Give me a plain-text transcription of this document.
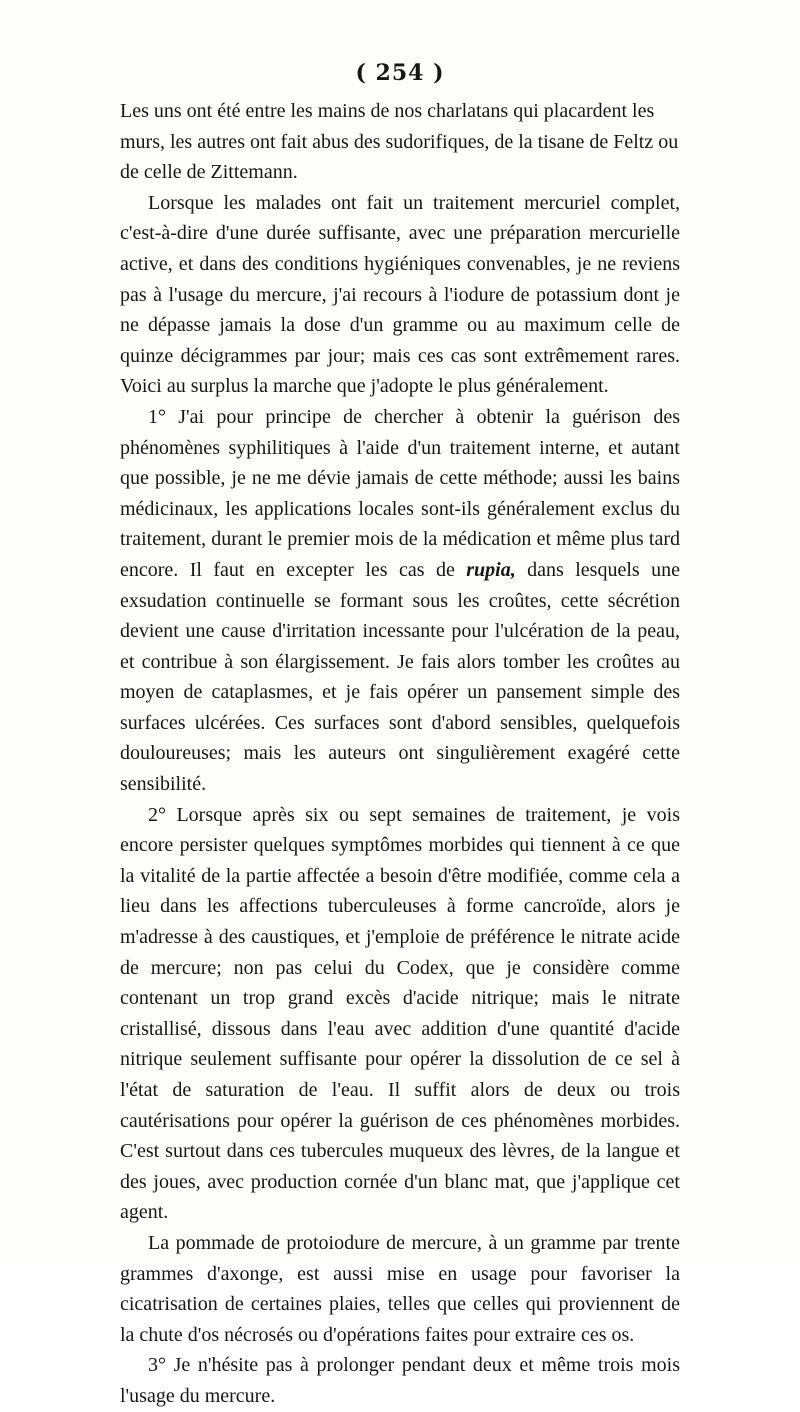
( 254 )

Les uns ont été entre les mains de nos charlatans qui placardent les murs, les autres ont fait abus des sudorifiques, de la tisane de Feltz ou de celle de Zittemann.

Lorsque les malades ont fait un traitement mercuriel complet, c'est-à-dire d'une durée suffisante, avec une préparation mercurielle active, et dans des conditions hygiéniques convenables, je ne reviens pas à l'usage du mercure, j'ai recours à l'iodure de potassium dont je ne dépasse jamais la dose d'un gramme ou au maximum celle de quinze décigrammes par jour; mais ces cas sont extrêmement rares. Voici au surplus la marche que j'adopte le plus généralement.

1° J'ai pour principe de chercher à obtenir la guérison des phénomènes syphilitiques à l'aide d'un traitement interne, et autant que possible, je ne me dévie jamais de cette méthode; aussi les bains médicinaux, les applications locales sont-ils généralement exclus du traitement, durant le premier mois de la médication et même plus tard encore. Il faut en excepter les cas de rupia, dans lesquels une exsudation continuelle se formant sous les croûtes, cette sécrétion devient une cause d'irritation incessante pour l'ulcération de la peau, et contribue à son élargissement. Je fais alors tomber les croûtes au moyen de cataplasmes, et je fais opérer un pansement simple des surfaces ulcérées. Ces surfaces sont d'abord sensibles, quelquefois douloureuses; mais les auteurs ont singulièrement exagéré cette sensibilité.

2° Lorsque après six ou sept semaines de traitement, je vois encore persister quelques symptômes morbides qui tiennent à ce que la vitalité de la partie affectée a besoin d'être modifiée, comme cela a lieu dans les affections tuberculeuses à forme cancroïde, alors je m'adresse à des caustiques, et j'emploie de préférence le nitrate acide de mercure; non pas celui du Codex, que je considère comme contenant un trop grand excès d'acide nitrique; mais le nitrate cristallisé, dissous dans l'eau avec addition d'une quantité d'acide nitrique seulement suffisante pour opérer la dissolution de ce sel à l'état de saturation de l'eau. Il suffit alors de deux ou trois cautérisations pour opérer la guérison de ces phénomènes morbides. C'est surtout dans ces tubercules muqueux des lèvres, de la langue et des joues, avec production cornée d'un blanc mat, que j'applique cet agent.

La pommade de protoiodure de mercure, à un gramme par trente grammes d'axonge, est aussi mise en usage pour favoriser la cicatrisation de certaines plaies, telles que celles qui proviennent de la chute d'os nécrosés ou d'opérations faites pour extraire ces os.

3° Je n'hésite pas à prolonger pendant deux et même trois mois l'usage du mercure.
